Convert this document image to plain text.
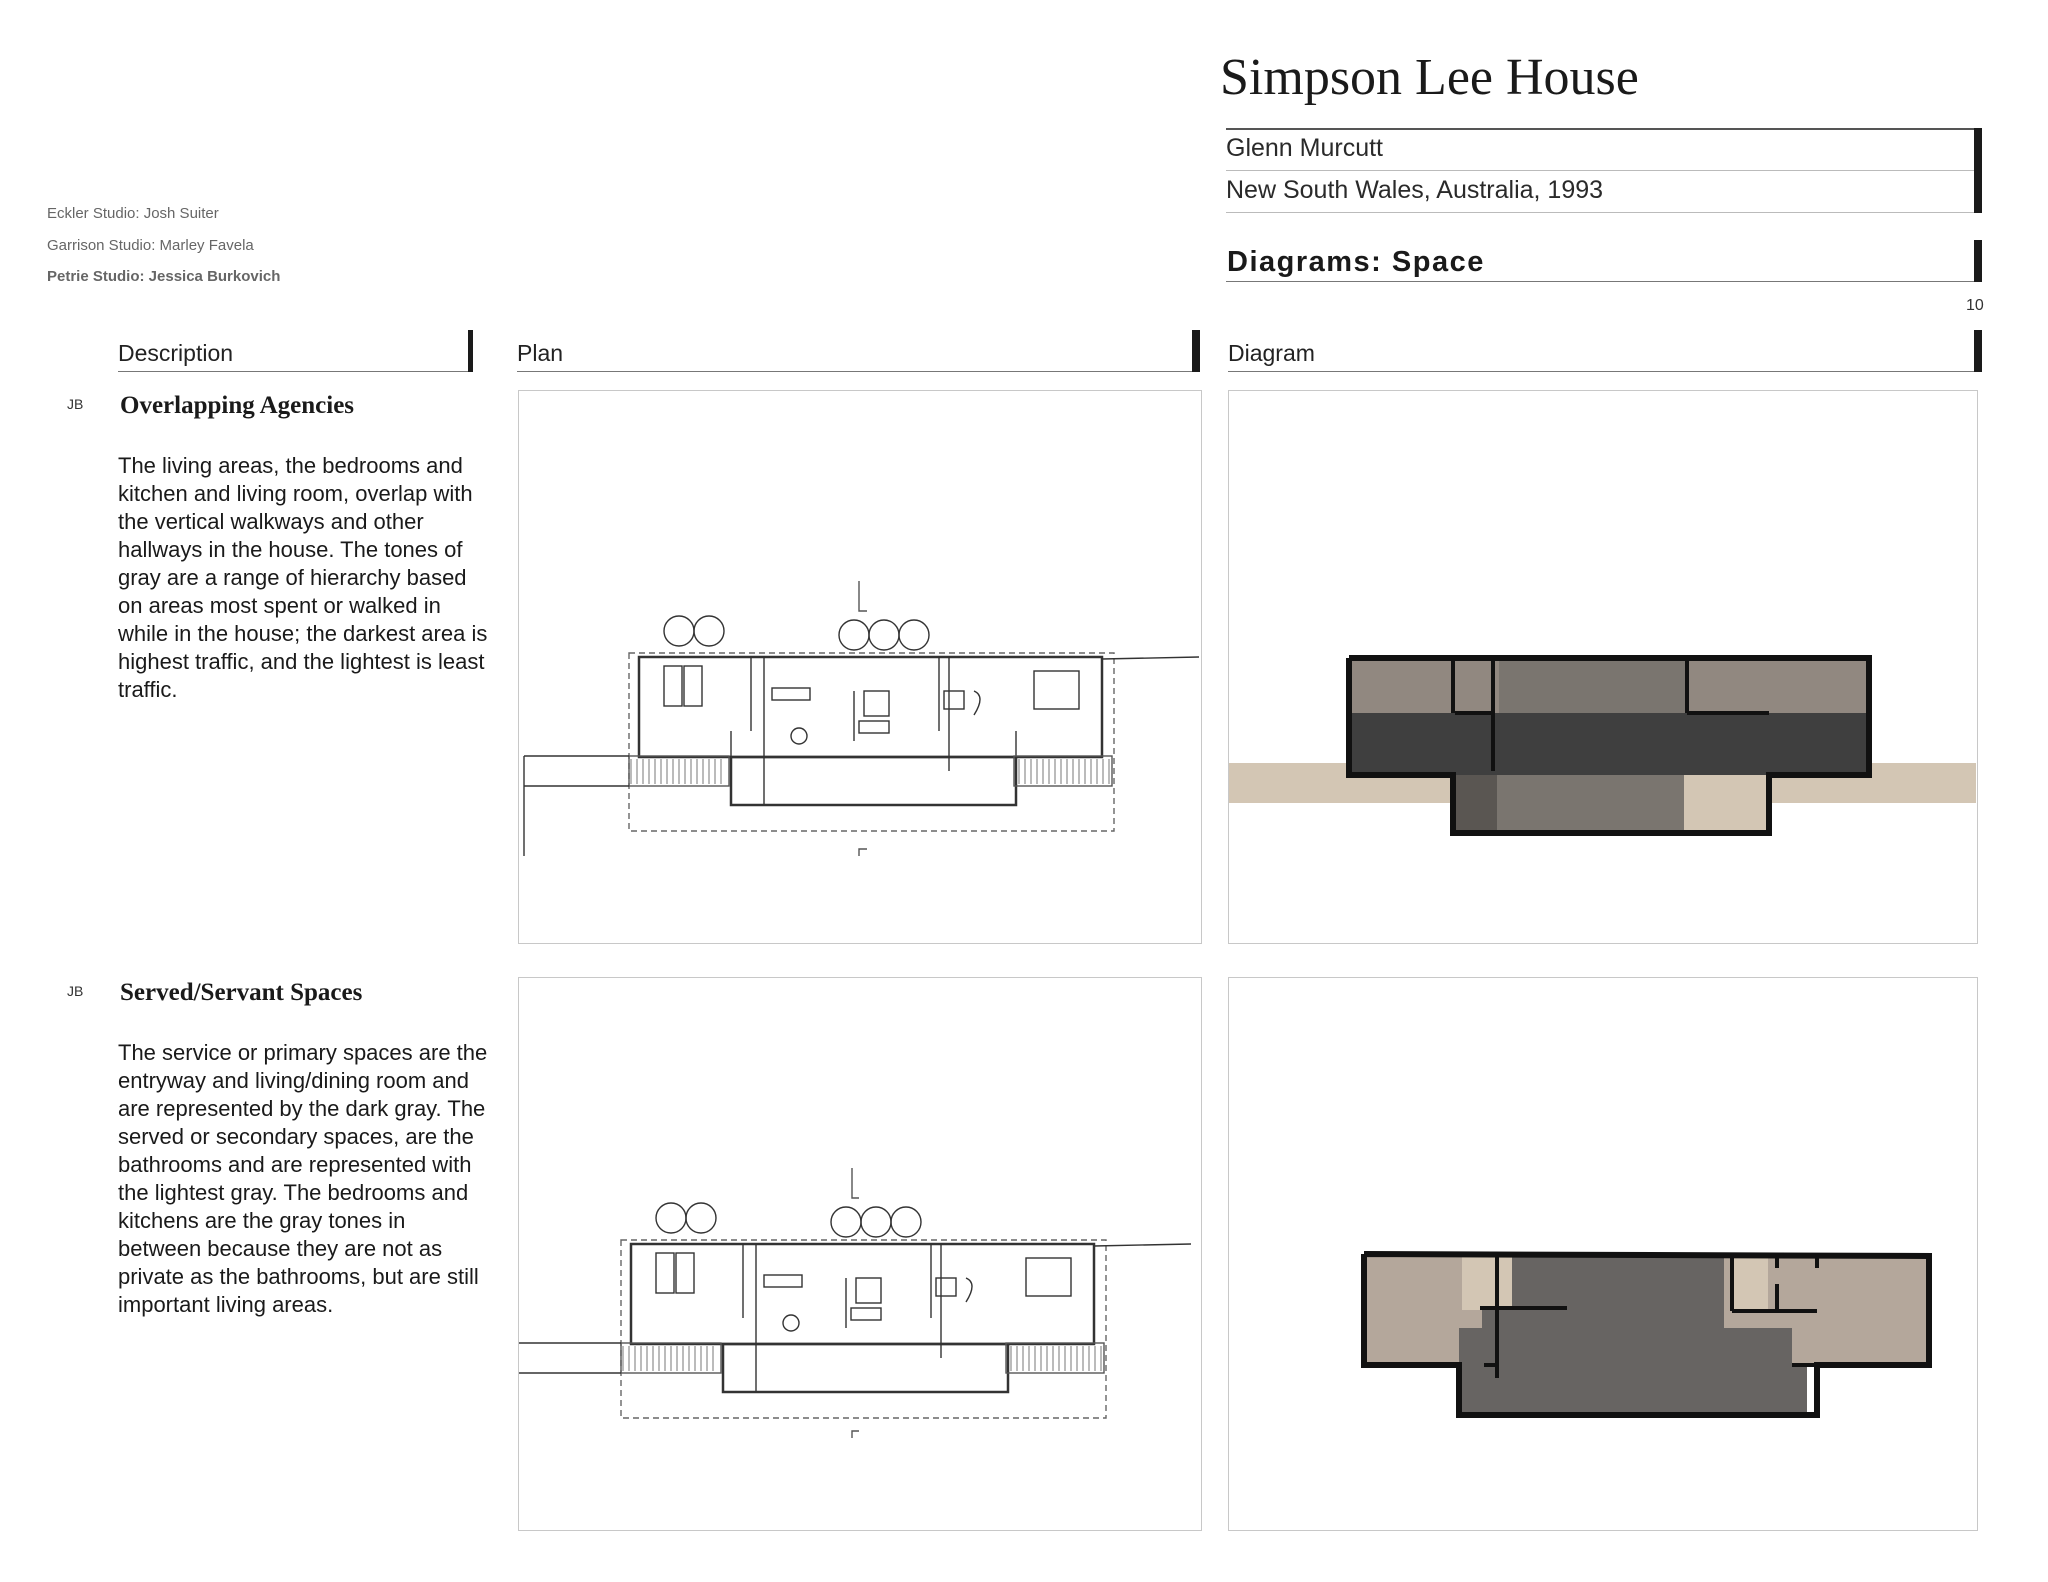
Simpson Lee House
Glenn Murcutt
New South Wales, Australia, 1993
Diagrams: Space
10
Eckler Studio: Josh Suiter
Garrison Studio: Marley Favela
Petrie Studio: Jessica Burkovich
Description	Plan	Diagram
JB Overlapping Agencies
The living areas, the bedrooms and kitchen and living room, overlap with the vertical walkways and other hallways in the house. The tones of gray are a range of hierarchy based on areas most spent or walked in while in the house; the darkest area is highest traffic, and the lightest is least traffic.
JB Served/Servant Spaces
The service or primary spaces are the entryway and living/dining room and are represented by the dark gray. The served or secondary spaces, are the bathrooms and are represented with the lightest gray. The bedrooms and kitchens are the gray tones in between because they are not as private as the bathrooms, but are still important living areas.
